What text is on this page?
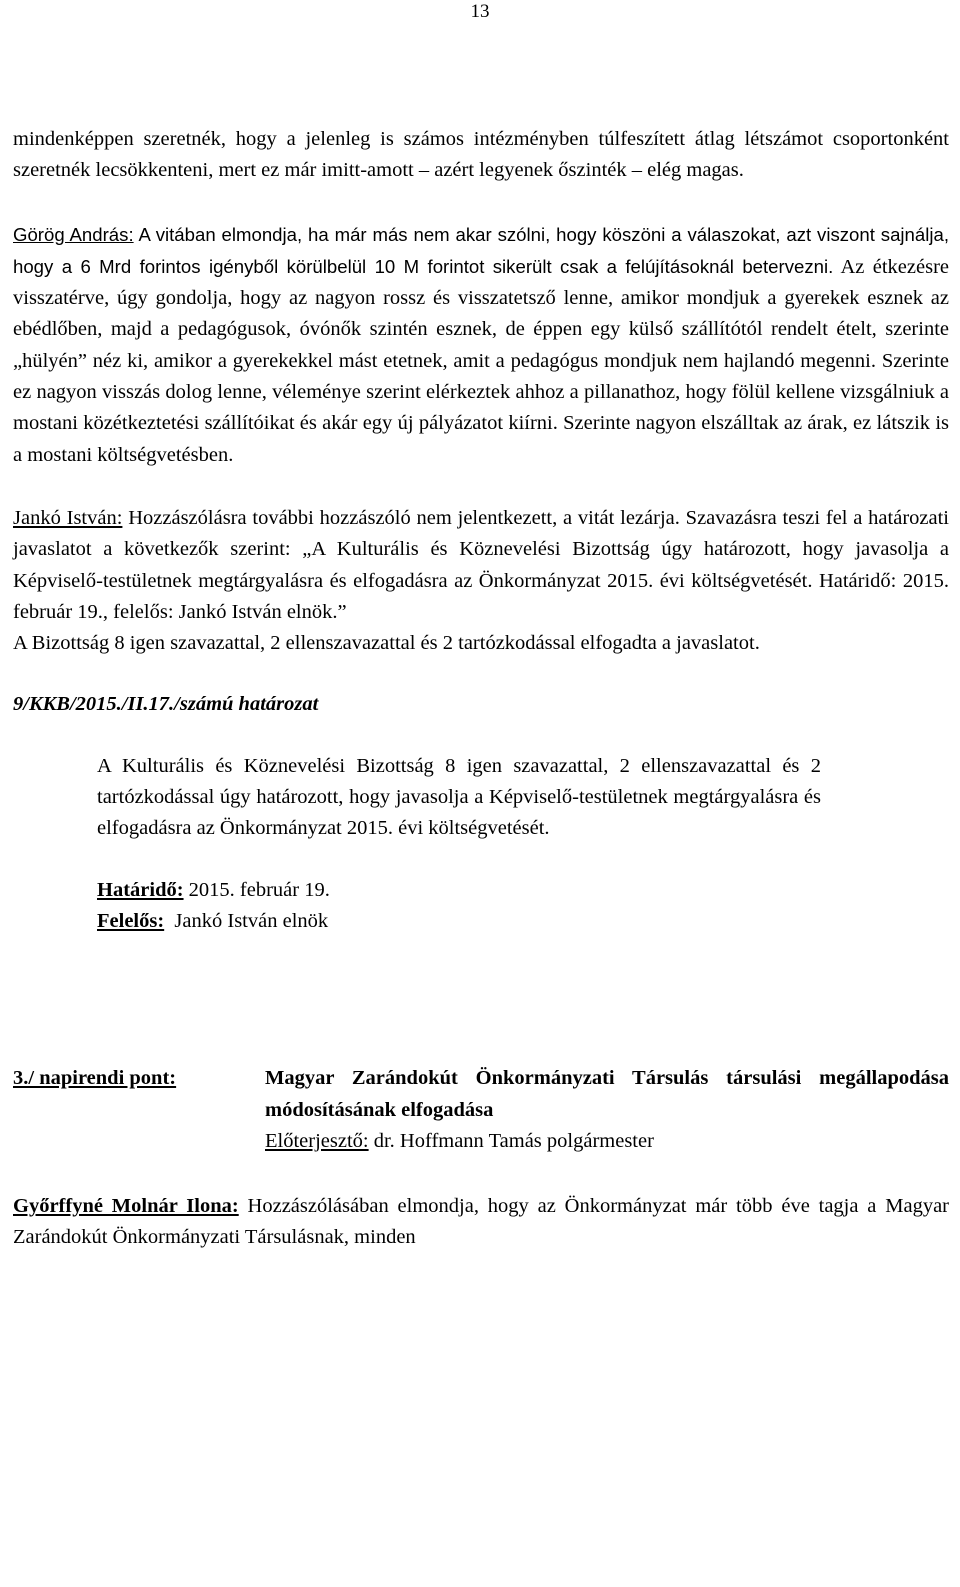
13

mindenképpen szeretnék, hogy a jelenleg is számos intézményben túlfeszített átlag létszámot csoportonként szeretnék lecsökkenteni, mert ez már imitt-amott – azért legyenek őszinték – elég magas.

Görög András: A vitában elmondja, ha már más nem akar szólni, hogy köszöni a válaszokat, azt viszont sajnálja, hogy a 6 Mrd forintos igényből körülbelül 10 M forintot sikerült csak a felújításoknál betervezni. Az étkezésre visszatérve, úgy gondolja, hogy az nagyon rossz és visszatetsző lenne, amikor mondjuk a gyerekek esznek az ebédlőben, majd a pedagógusok, óvónők szintén esznek, de éppen egy külső szállítótól rendelt ételt, szerinte „hülyén” néz ki, amikor a gyerekekkel mást etetnek, amit a pedagógus mondjuk nem hajlandó megenni. Szerinte ez nagyon visszás dolog lenne, véleménye szerint elérkeztek ahhoz a pillanathoz, hogy fölül kellene vizsgálniuk a mostani közétkeztetési szállítóikat és akár egy új pályázatot kiírni. Szerinte nagyon elszálltak az árak, ez látszik is a mostani költségvetésben.

Jankó István: Hozzászólásra további hozzászóló nem jelentkezett, a vitát lezárja. Szavazásra teszi fel a határozati javaslatot a következők szerint: „A Kulturális és Köznevelési Bizottság úgy határozott, hogy javasolja a Képviselő-testületnek megtárgyalásra és elfogadásra az Önkormányzat 2015. évi költségvetését. Határidő: 2015. február 19., felelős: Jankó István elnök.”

A Bizottság 8 igen szavazattal, 2 ellenszavazattal és 2 tartózkodással elfogadta a javaslatot.

9/KKB/2015./II.17./számú határozat

A Kulturális és Köznevelési Bizottság 8 igen szavazattal, 2 ellenszavazattal és 2 tartózkodással úgy határozott, hogy javasolja a Képviselő-testületnek megtárgyalásra és elfogadásra az Önkormányzat 2015. évi költségvetését.

Határidő: 2015. február 19.

Felelős:  Jankó István elnök

3./ napirendi pont:	Magyar Zarándokút Önkormányzati Társulás társulási megállapodása módosításának elfogadása
Előterjesztő: dr. Hoffmann Tamás polgármester

Győrffyné Molnár Ilona: Hozzászólásában elmondja, hogy az Önkormányzat már több éve tagja a Magyar Zarándokút Önkormányzati Társulásnak, minden
